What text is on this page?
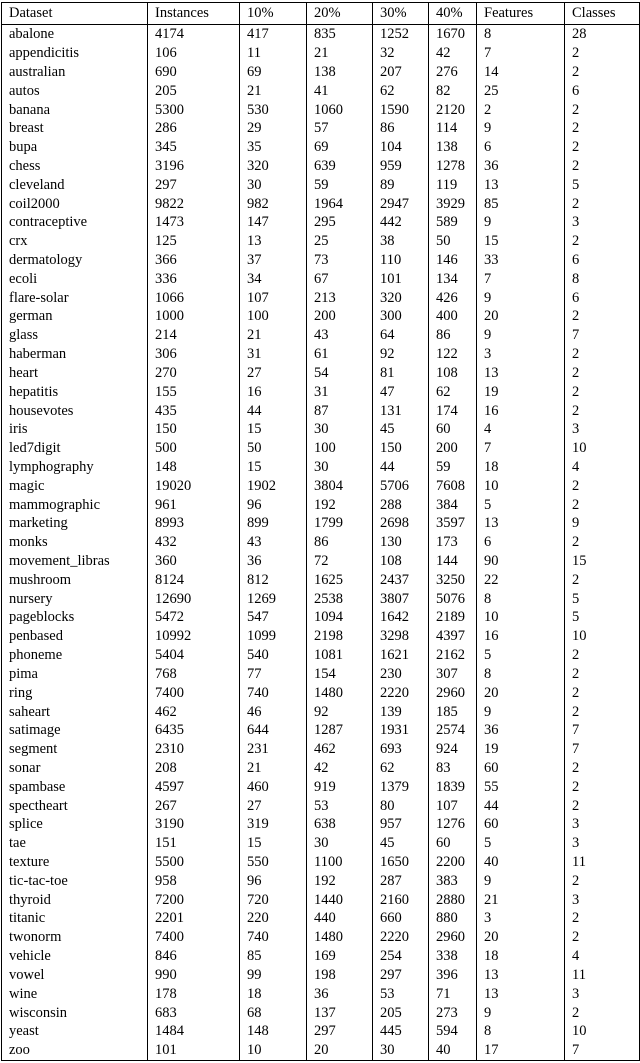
Dataset	Instances	10%	20%	30%	40%	Features	Classes
abalone	4174	417	835	1252	1670	8	28
appendicitis	106	11	21	32	42	7	2
australian	690	69	138	207	276	14	2
autos	205	21	41	62	82	25	6
banana	5300	530	1060	1590	2120	2	2
breast	286	29	57	86	114	9	2
bupa	345	35	69	104	138	6	2
chess	3196	320	639	959	1278	36	2
cleveland	297	30	59	89	119	13	5
coil2000	9822	982	1964	2947	3929	85	2
contraceptive	1473	147	295	442	589	9	3
crx	125	13	25	38	50	15	2
dermatology	366	37	73	110	146	33	6
ecoli	336	34	67	101	134	7	8
flare-solar	1066	107	213	320	426	9	6
german	1000	100	200	300	400	20	2
glass	214	21	43	64	86	9	7
haberman	306	31	61	92	122	3	2
heart	270	27	54	81	108	13	2
hepatitis	155	16	31	47	62	19	2
housevotes	435	44	87	131	174	16	2
iris	150	15	30	45	60	4	3
led7digit	500	50	100	150	200	7	10
lymphography	148	15	30	44	59	18	4
magic	19020	1902	3804	5706	7608	10	2
mammographic	961	96	192	288	384	5	2
marketing	8993	899	1799	2698	3597	13	9
monks	432	43	86	130	173	6	2
movement_libras	360	36	72	108	144	90	15
mushroom	8124	812	1625	2437	3250	22	2
nursery	12690	1269	2538	3807	5076	8	5
pageblocks	5472	547	1094	1642	2189	10	5
penbased	10992	1099	2198	3298	4397	16	10
phoneme	5404	540	1081	1621	2162	5	2
pima	768	77	154	230	307	8	2
ring	7400	740	1480	2220	2960	20	2
saheart	462	46	92	139	185	9	2
satimage	6435	644	1287	1931	2574	36	7
segment	2310	231	462	693	924	19	7
sonar	208	21	42	62	83	60	2
spambase	4597	460	919	1379	1839	55	2
spectheart	267	27	53	80	107	44	2
splice	3190	319	638	957	1276	60	3
tae	151	15	30	45	60	5	3
texture	5500	550	1100	1650	2200	40	11
tic-tac-toe	958	96	192	287	383	9	2
thyroid	7200	720	1440	2160	2880	21	3
titanic	2201	220	440	660	880	3	2
twonorm	7400	740	1480	2220	2960	20	2
vehicle	846	85	169	254	338	18	4
vowel	990	99	198	297	396	13	11
wine	178	18	36	53	71	13	3
wisconsin	683	68	137	205	273	9	2
yeast	1484	148	297	445	594	8	10
zoo	101	10	20	30	40	17	7
